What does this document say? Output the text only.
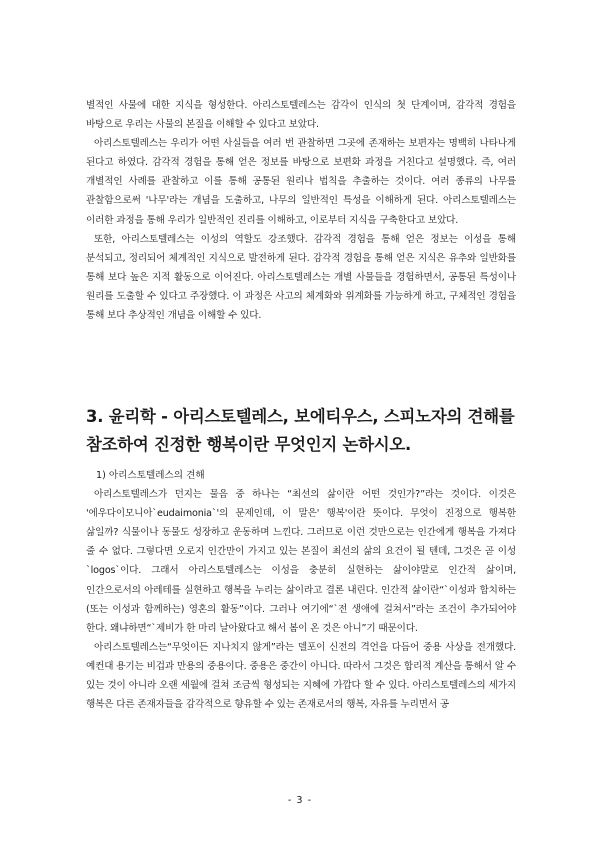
별적인 사물에 대한 지식을 형성한다. 아리스토텔레스는 감각이 인식의 첫 단계이며, 감각적 경험을 바탕으로 우리는 사물의 본질을 이해할 수 있다고 보았다.

아리스토텔레스는 우리가 어떤 사실들을 여러 번 관찰하면 그곳에 존재하는 보편자는 명백히 나타나게 된다고 하였다. 감각적 경험을 통해 얻은 정보를 바탕으로 보편화 과정을 거친다고 설명했다. 즉, 여러 개별적인 사례를 관찰하고 이를 통해 공통된 원리나 법칙을 추출하는 것이다. 여러 종류의 나무를 관찰함으로써 '나무'라는 개념을 도출하고, 나무의 일반적인 특성을 이해하게 된다. 아리스토텔레스는 이러한 과정을 통해 우리가 일반적인 진리를 이해하고, 이로부터 지식을 구축한다고 보았다.

또한, 아리스토텔레스는 이성의 역할도 강조했다. 감각적 경험을 통해 얻은 정보는 이성을 통해 분석되고, 정리되어 체계적인 지식으로 발전하게 된다. 감각적 경험을 통해 얻은 지식은 유추와 일반화를 통해 보다 높은 지적 활동으로 이어진다. 아리스토텔레스는 개별 사물들을 경험하면서, 공통된 특성이나 원리를 도출할 수 있다고 주장했다. 이 과정은 사고의 체계화와 위계화를 가능하게 하고, 구체적인 경험을 통해 보다 추상적인 개념을 이해할 수 있다.

3. 윤리학 - 아리스토텔레스, 보에티우스, 스피노자의 견해를 참조하여 진정한 행복이란 무엇인지 논하시오.

1) 아리스토텔레스의 견해

아리스토텔레스가 던지는 물음 중 하나는 “최선의 삶이란 어떤 것인가?”라는 것이다. 이것은 '에우다이모니아`eudaimonia`'의 문제인데, 이 말은' 행복'이란 뜻이다. 무엇이 진정으로 행복한 삶일까? 식물이나 동물도 성장하고 운동하며 느낀다. 그러므로 이런 것만으로는 인간에게 행복을 가져다 줄 수 없다. 그렇다면 오로지 인간만이 가지고 있는 본질이 최선의 삶의 요건이 될 텐데, 그것은 곧 이성 `logos`이다. 그래서 아리스토텔레스는 이성을 충분히 실현하는 삶이야말로 인간적 삶이며, 인간으로서의 아레테를 실현하고 행복을 누리는 삶이라고 결론 내린다. 인간적 삶이란“`이성과 합치하는(또는 이성과 함께하는) 영혼의 활동”이다. 그러나 여기에“`전 생애에 걸쳐서”라는 조건이 추가되어야 한다. 왜냐하면“`제비가 한 마리 날아왔다고 해서 봄이 온 것은 아니”기 때문이다.

아리스토텔레스는“무엇이든 지나치지 않게”라는 델포이 신전의 격언을 다듬어 중용 사상을 전개했다. 예컨대 용기는 비겁과 만용의 중용이다. 중용은 중간이 아니다. 따라서 그것은 합리적 계산을 통해서 알 수 있는 것이 아니라 오랜 세월에 걸쳐 조금씩 형성되는 지혜에 가깝다 할 수 있다. 아리스토텔레스의 세가지 행복은 다른 존재자들을 감각적으로 향유할 수 있는 존재로서의 행복, 자유를 누리면서 공

- 3 -
